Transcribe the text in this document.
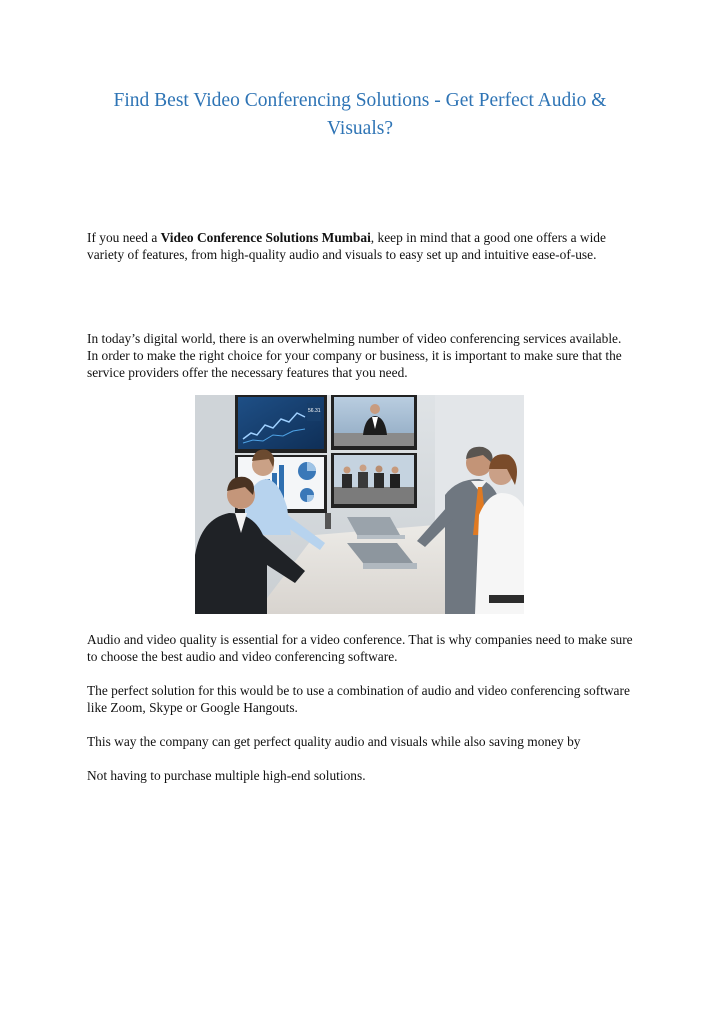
Find Best Video Conferencing Solutions - Get Perfect Audio & Visuals?

If you need a Video Conference Solutions Mumbai, keep in mind that a good one offers a wide variety of features, from high-quality audio and visuals to easy set up and intuitive ease-of-use.

In today’s digital world, there is an overwhelming number of video conferencing services available. In order to make the right choice for your company or business, it is important to make sure that the service providers offer the necessary features that you need.

56.31

Audio and video quality is essential for a video conference. That is why companies need to make sure to choose the best audio and video conferencing software.

The perfect solution for this would be to use a combination of audio and video conferencing software like Zoom, Skype or Google Hangouts.

This way the company can get perfect quality audio and visuals while also saving money by

Not having to purchase multiple high-end solutions.
